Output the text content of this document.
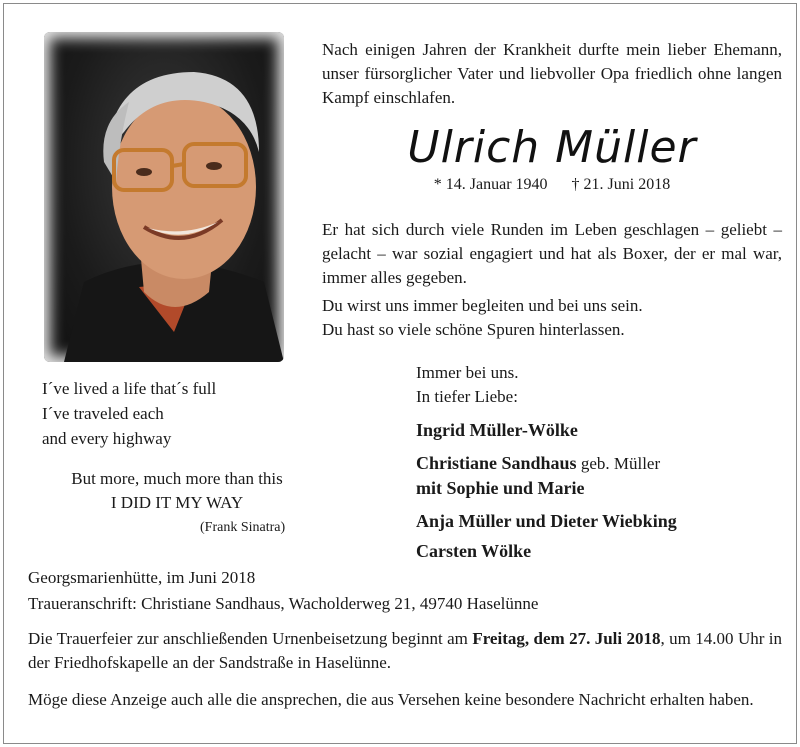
Nach einigen Jahren der Krankheit durfte mein lieber Ehemann, unser fürsorglicher Vater und liebvoller Opa friedlich ohne langen Kampf einschlafen.
Ulrich Müller
* 14. Januar 1940 † 21. Juni 2018
Er hat sich durch viele Runden im Leben geschlagen – geliebt – gelacht – war sozial engagiert und hat als Boxer, der er mal war, immer alles gegeben.
Du wirst uns immer begleiten und bei uns sein.
Du hast so viele schöne Spuren hinterlassen.
I´ve lived a life that´s full
I´ve traveled each
and every highway
But more, much more than this
I DID IT MY WAY
(Frank Sinatra)
Immer bei uns.
In tiefer Liebe:
Ingrid Müller-Wölke
Christiane Sandhaus geb. Müller
mit Sophie und Marie
Anja Müller und Dieter Wiebking
Carsten Wölke
Georgsmarienhütte, im Juni 2018
Traueranschrift: Christiane Sandhaus, Wacholderweg 21, 49740 Haselünne
Die Trauerfeier zur anschließenden Urnenbeisetzung beginnt am Freitag, dem 27. Juli 2018, um 14.00 Uhr in der Friedhofskapelle an der Sandstraße in Haselünne.
Möge diese Anzeige auch alle die ansprechen, die aus Versehen keine besondere Nachricht erhalten haben.
